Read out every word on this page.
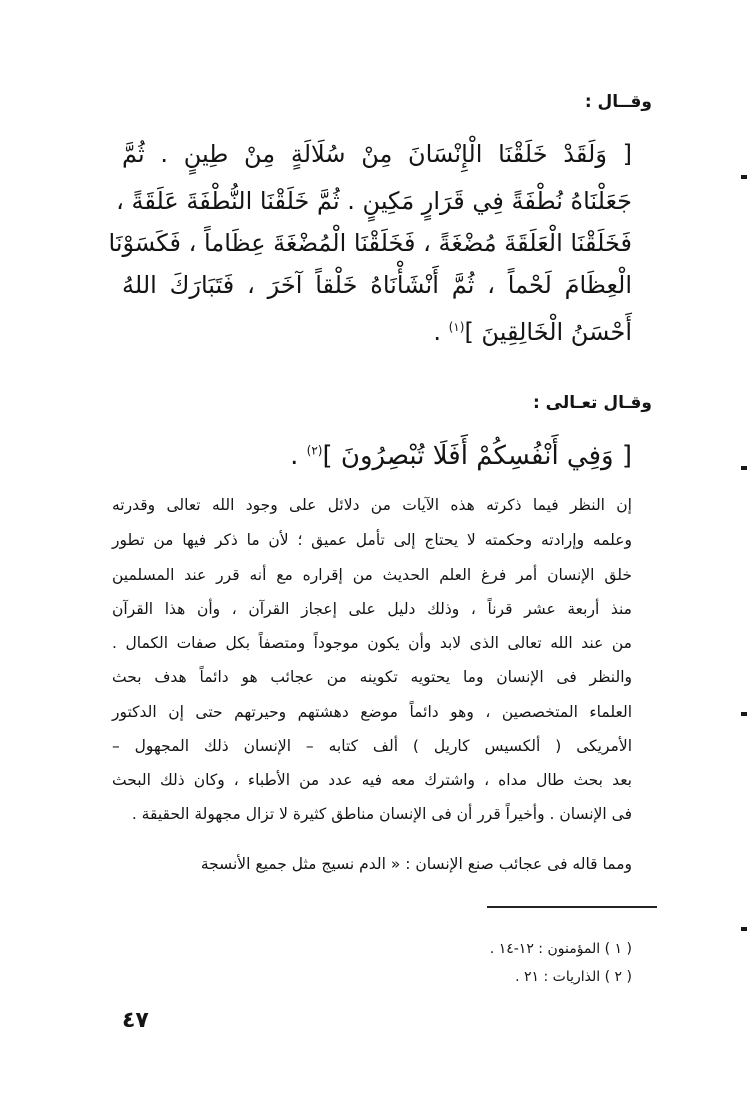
وقــال :
[ وَلَقَدْ خَلَقْنَا الْإِنْسَانَ مِنْ سُلَالَةٍ مِنْ طِينٍ . ثُمَّ
جَعَلْنَاهُ نُطْفَةً فِي قَرَارٍ مَكِينٍ . ثُمَّ خَلَقْنَا النُّطْفَةَ عَلَقَةً ،
فَخَلَقْنَا الْعَلَقَةَ مُضْغَةً ، فَخَلَقْنَا الْمُضْغَةَ عِظَاماً ، فَكَسَوْنَا
الْعِظَامَ لَحْماً ، ثُمَّ أَنْشَأْنَاهُ خَلْقاً آخَرَ ، فَتَبَارَكَ اللهُ
أَحْسَنُ الْخَالِقِينَ ]$^{(١)}$ .
وقـال تعـالى :
[ وَفِي أَنْفُسِكُمْ أَفَلَا تُبْصِرُونَ ]$^{(٢)}$ .
إن النظر فيما ذكرته هذه الآيات من دلائل على وجود الله تعالى وقدرته
وعلمه وإرادته وحكمته لا يحتاج إلى تأمل عميق ؛ لأن ما ذكر فيها من تطور
خلق الإنسان أمر فرغ العلم الحديث من إقراره مع أنه قرر عند المسلمين
منذ أربعة عشر قرناً ، وذلك دليل على إعجاز القرآن ، وأن هذا القرآن
من عند الله تعالى الذى لابد وأن يكون موجوداً ومتصفاً بكل صفات الكمال .
والنظر فى الإنسان وما يحتويه تكوينه من عجائب هو دائماً هدف بحث
العلماء المتخصصين ، وهو دائماً موضع دهشتهم وحيرتهم حتى إن الدكتور
الأمريكى ( ألكسيس كاريل ) ألف كتابه – الإنسان ذلك المجهول –
بعد بحث طال مداه ، واشترك معه فيه عدد من الأطباء ، وكان ذلك البحث
فى الإنسان . وأخيراً قرر أن فى الإنسان مناطق كثيرة لا تزال مجهولة الحقيقة .
ومما قاله فى عجائب صنع الإنسان : « الدم نسيج مثل جميع الأنسجة
( ١ ) المؤمنون : ١٢-١٤ .
( ٢ ) الذاريات : ٢١ .
٤٧
